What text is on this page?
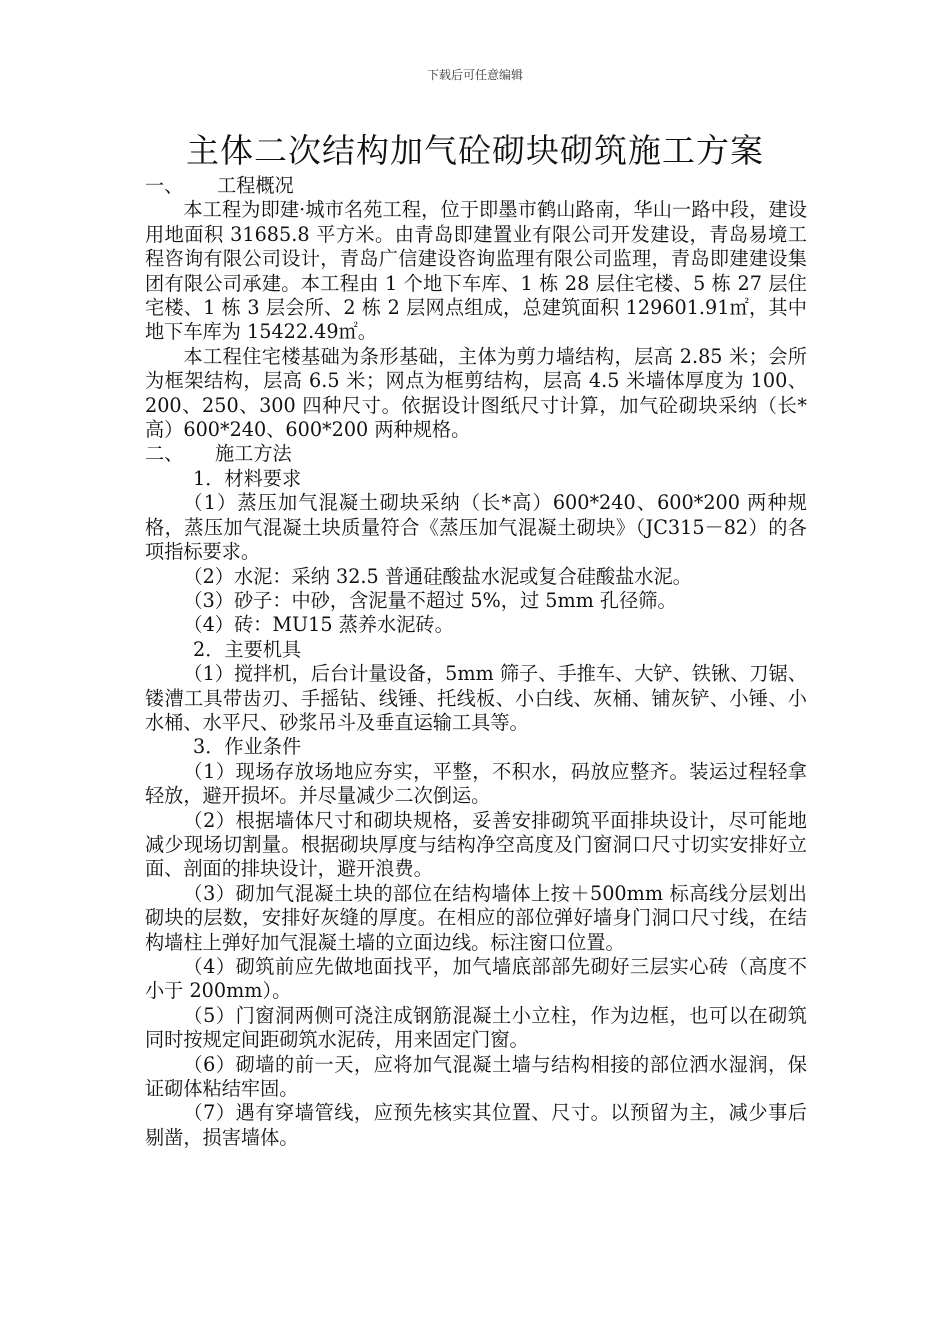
下载后可任意编辑
主体二次结构加气砼砌块砌筑施工方案

一、 工程概况

本工程为即建·城市名苑工程，位于即墨市鹤山路南，华山一路中段，建设用地面积 31685.8 平方米。由青岛即建置业有限公司开发建设，青岛易境工程咨询有限公司设计，青岛广信建设咨询监理有限公司监理，青岛即建建设集团有限公司承建。本工程由 1 个地下车库、1 栋 28 层住宅楼、5 栋 27 层住宅楼、1 栋 3 层会所、2 栋 2 层网点组成，总建筑面积 129601.91㎡，其中地下车库为 15422.49㎡。

本工程住宅楼基础为条形基础，主体为剪力墙结构，层高 2.85 米；会所为框架结构，层高 6.5 米；网点为框剪结构，层高 4.5 米墙体厚度为 100、200、250、300 四种尺寸。依据设计图纸尺寸计算，加气砼砌块采纳（长*高）600*240、600*200 两种规格。

二、 施工方法

1．材料要求

（1）蒸压加气混凝土砌块采纳（长*高）600*240、600*200 两种规格，蒸压加气混凝土块质量符合《蒸压加气混凝土砌块》（JC315－82）的各项指标要求。

（2）水泥：采纳 32.5 普通硅酸盐水泥或复合硅酸盐水泥。

（3）砂子：中砂，含泥量不超过 5%，过 5mm 孔径筛。

（4）砖：MU15 蒸养水泥砖。

2．主要机具

（1）搅拌机，后台计量设备，5mm 筛子、手推车、大铲、铁锹、刀锯、镂漕工具带齿刃、手摇钻、线锤、托线板、小白线、灰桶、铺灰铲、小锤、小水桶、水平尺、砂浆吊斗及垂直运输工具等。

3．作业条件

（1）现场存放场地应夯实，平整，不积水，码放应整齐。装运过程轻拿轻放，避开损坏。并尽量减少二次倒运。

（2）根据墙体尺寸和砌块规格，妥善安排砌筑平面排块设计，尽可能地减少现场切割量。根据砌块厚度与结构净空高度及门窗洞口尺寸切实安排好立面、剖面的排块设计，避开浪费。

（3）砌加气混凝土块的部位在结构墙体上按＋500mm 标高线分层划出砌块的层数，安排好灰缝的厚度。在相应的部位弹好墙身门洞口尺寸线，在结构墙柱上弹好加气混凝土墙的立面边线。标注窗口位置。

（4）砌筑前应先做地面找平，加气墙底部部先砌好三层实心砖（高度不小于 200mm）。

（5）门窗洞两侧可浇注成钢筋混凝土小立柱，作为边框，也可以在砌筑同时按规定间距砌筑水泥砖，用来固定门窗。

（6）砌墙的前一天，应将加气混凝土墙与结构相接的部位洒水湿润，保证砌体粘结牢固。

（7）遇有穿墙管线，应预先核实其位置、尺寸。以预留为主，减少事后剔凿，损害墙体。
